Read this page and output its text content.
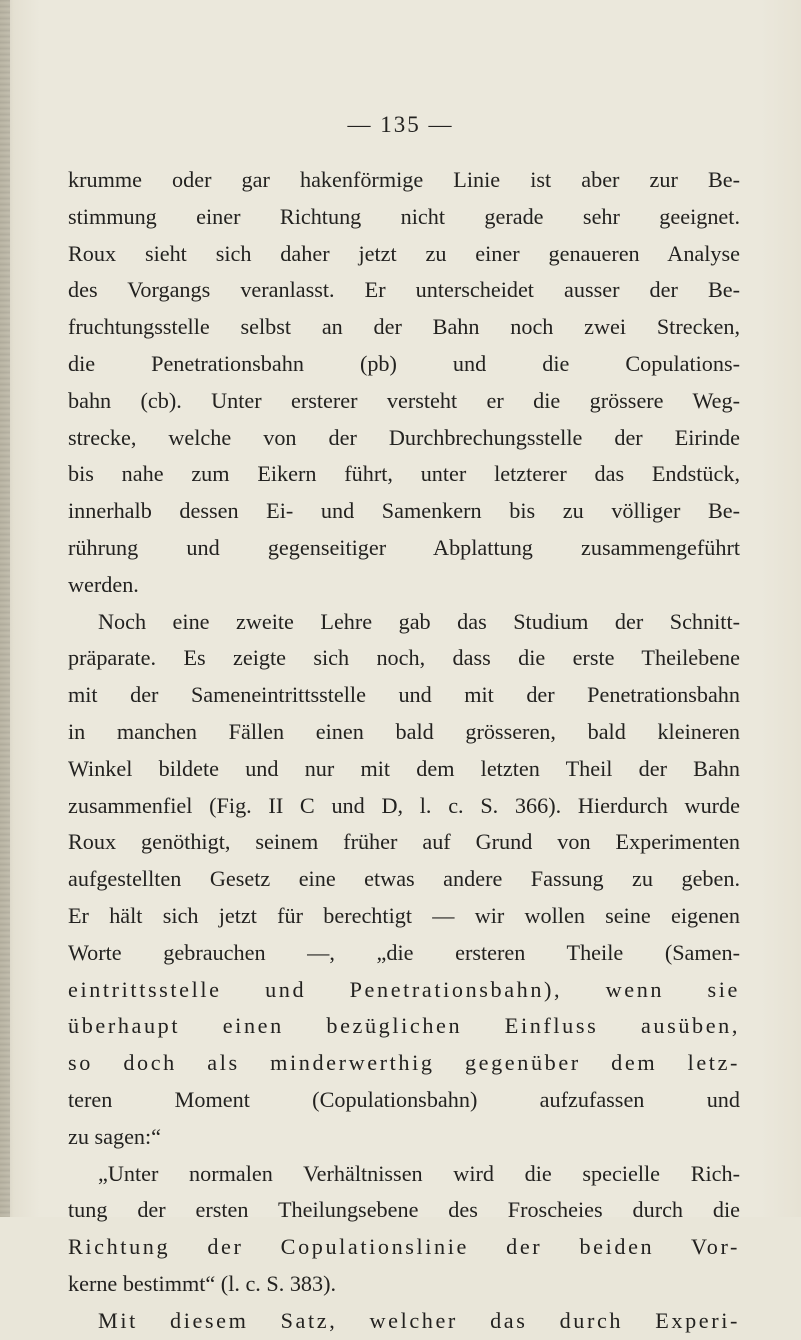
— 135 —
krumme oder gar hakenförmige Linie ist aber zur Be-
stimmung einer Richtung nicht gerade sehr geeignet.
Roux sieht sich daher jetzt zu einer genaueren Analyse
des Vorgangs veranlasst. Er unterscheidet ausser der Be-
fruchtungsstelle selbst an der Bahn noch zwei Strecken,
die Penetrationsbahn (pb) und die Copulations-
bahn (cb). Unter ersterer versteht er die grössere Weg-
strecke, welche von der Durchbrechungsstelle der Eirinde
bis nahe zum Eikern führt, unter letzterer das Endstück,
innerhalb dessen Ei- und Samenkern bis zu völliger Be-
rührung und gegenseitiger Abplattung zusammengeführt
werden.
Noch eine zweite Lehre gab das Studium der Schnitt-
präparate. Es zeigte sich noch, dass die erste Theilebene
mit der Sameneintrittsstelle und mit der Penetrationsbahn
in manchen Fällen einen bald grösseren, bald kleineren
Winkel bildete und nur mit dem letzten Theil der Bahn
zusammenfiel (Fig. II C und D, l. c. S. 366). Hierdurch wurde
Roux genöthigt, seinem früher auf Grund von Experimenten
aufgestellten Gesetz eine etwas andere Fassung zu geben.
Er hält sich jetzt für berechtigt — wir wollen seine eigenen
Worte gebrauchen —, „die ersteren Theile (Samen-
eintrittsstelle und Penetrationsbahn), wenn sie
überhaupt einen bezüglichen Einfluss ausüben,
so doch als minderwerthig gegenüber dem letz-
teren Moment (Copulationsbahn) aufzufassen und
zu sagen:“
„Unter normalen Verhältnissen wird die specielle Rich-
tung der ersten Theilungsebene des Froscheies durch die
Richtung der Copulationslinie der beiden Vor-
kerne bestimmt“ (l. c. S. 383).
Mit diesem Satz, welcher das durch Experi-
